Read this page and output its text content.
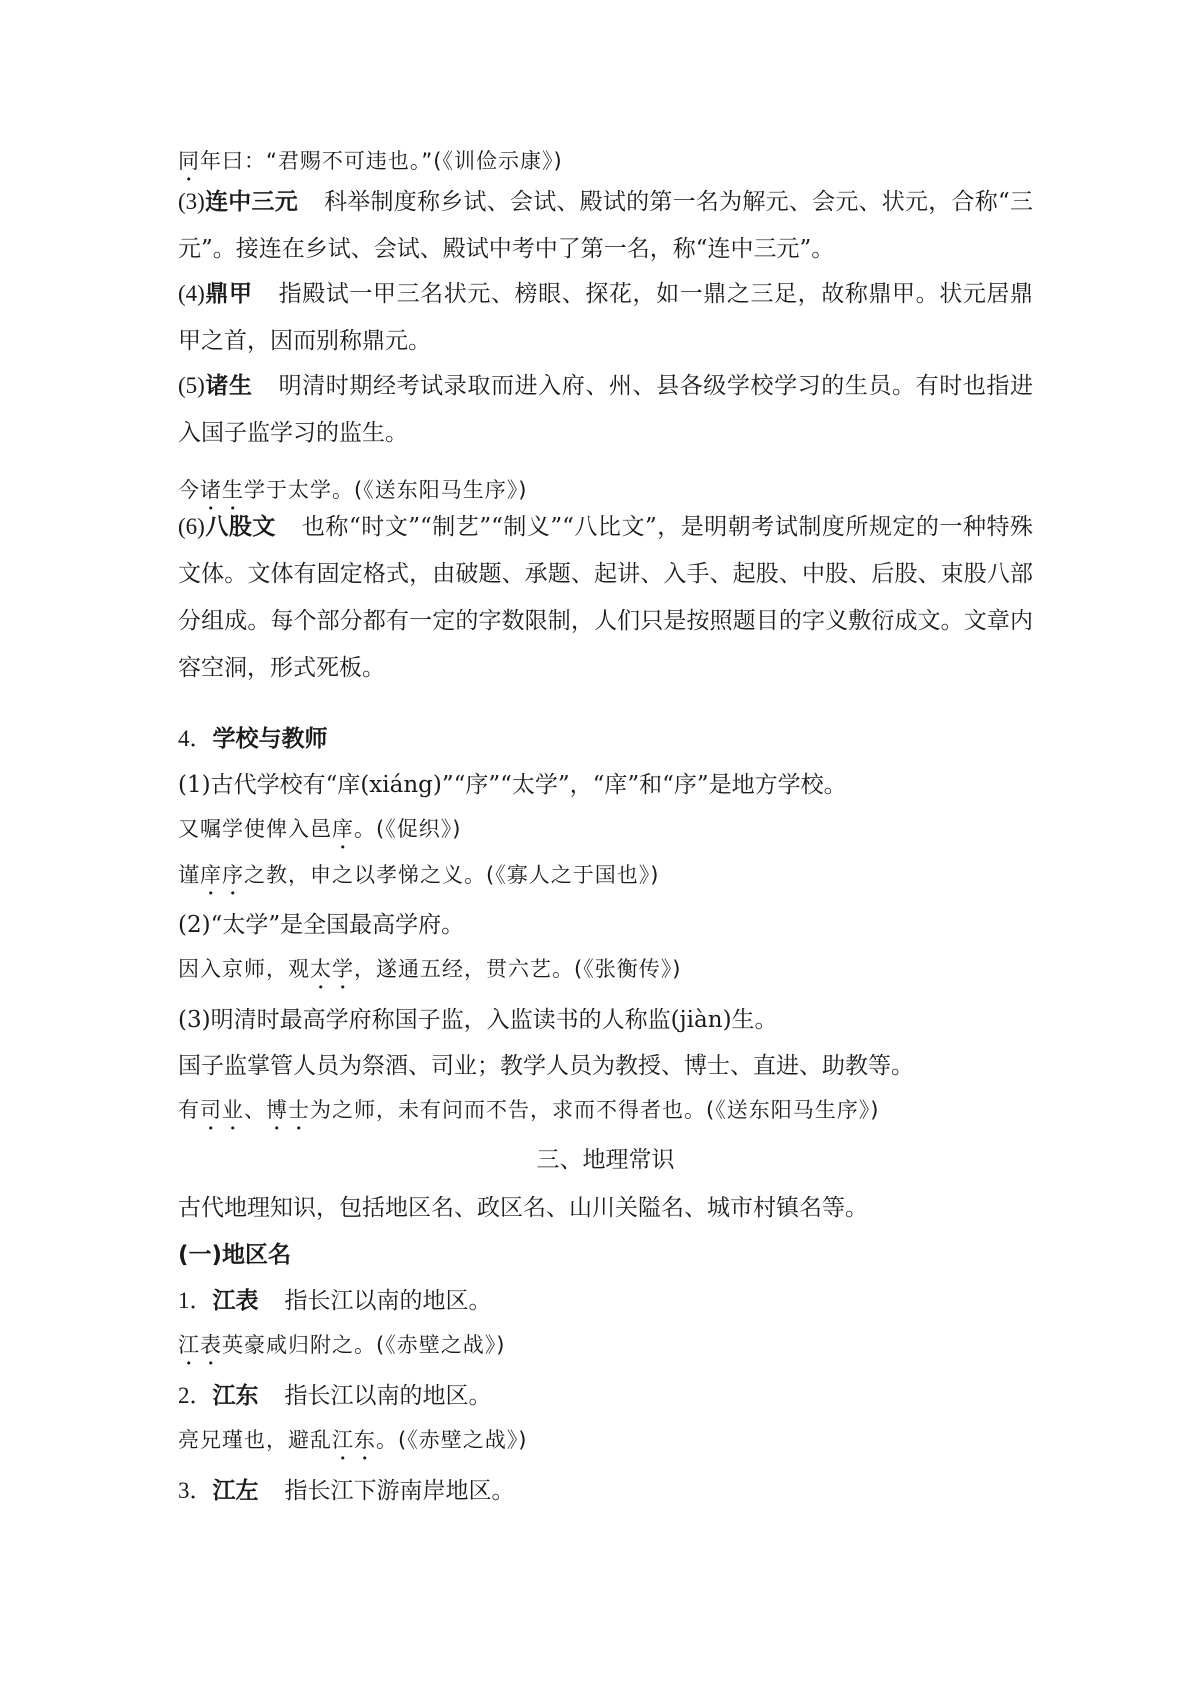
同年曰：“君赐不可违也。”(《训俭示康》)
(3)连中三元 科举制度称乡试、会试、殿试的第一名为解元、会元、状元，合称“三元”。接连在乡试、会试、殿试中考中了第一名，称“连中三元”。
(4)鼎甲 指殿试一甲三名状元、榜眼、探花，如一鼎之三足，故称鼎甲。状元居鼎甲之首，因而别称鼎元。
(5)诸生 明清时期经考试录取而进入府、州、县各级学校学习的生员。有时也指进入国子监学习的监生。
今诸生学于太学。(《送东阳马生序》)
(6)八股文 也称“时文”“制艺”“制义”“八比文”，是明朝考试制度所规定的一种特殊文体。文体有固定格式，由破题、承题、起讲、入手、起股、中股、后股、束股八部分组成。每个部分都有一定的字数限制，人们只是按照题目的字义敷衍成文。文章内容空洞，形式死板。
4．学校与教师
(1)古代学校有“庠(xiáng)”“序”“太学”，“庠”和“序”是地方学校。
又嘱学使俾入邑庠。(《促织》)
谨庠序之教，申之以孝悌之义。(《寡人之于国也》)
(2)“太学”是全国最高学府。
因入京师，观太学，遂通五经，贯六艺。(《张衡传》)
(3)明清时最高学府称国子监，入监读书的人称监(jiàn)生。
国子监掌管人员为祭酒、司业；教学人员为教授、博士、直进、助教等。
有司业、博士为之师，未有问而不告，求而不得者也。(《送东阳马生序》)
三、地理常识
古代地理知识，包括地区名、政区名、山川关隘名、城市村镇名等。
(一)地区名
1．江表 指长江以南的地区。
江表英豪咸归附之。(《赤壁之战》)
2．江东 指长江以南的地区。
亮兄瑾也，避乱江东。(《赤壁之战》)
3．江左 指长江下游南岸地区。
